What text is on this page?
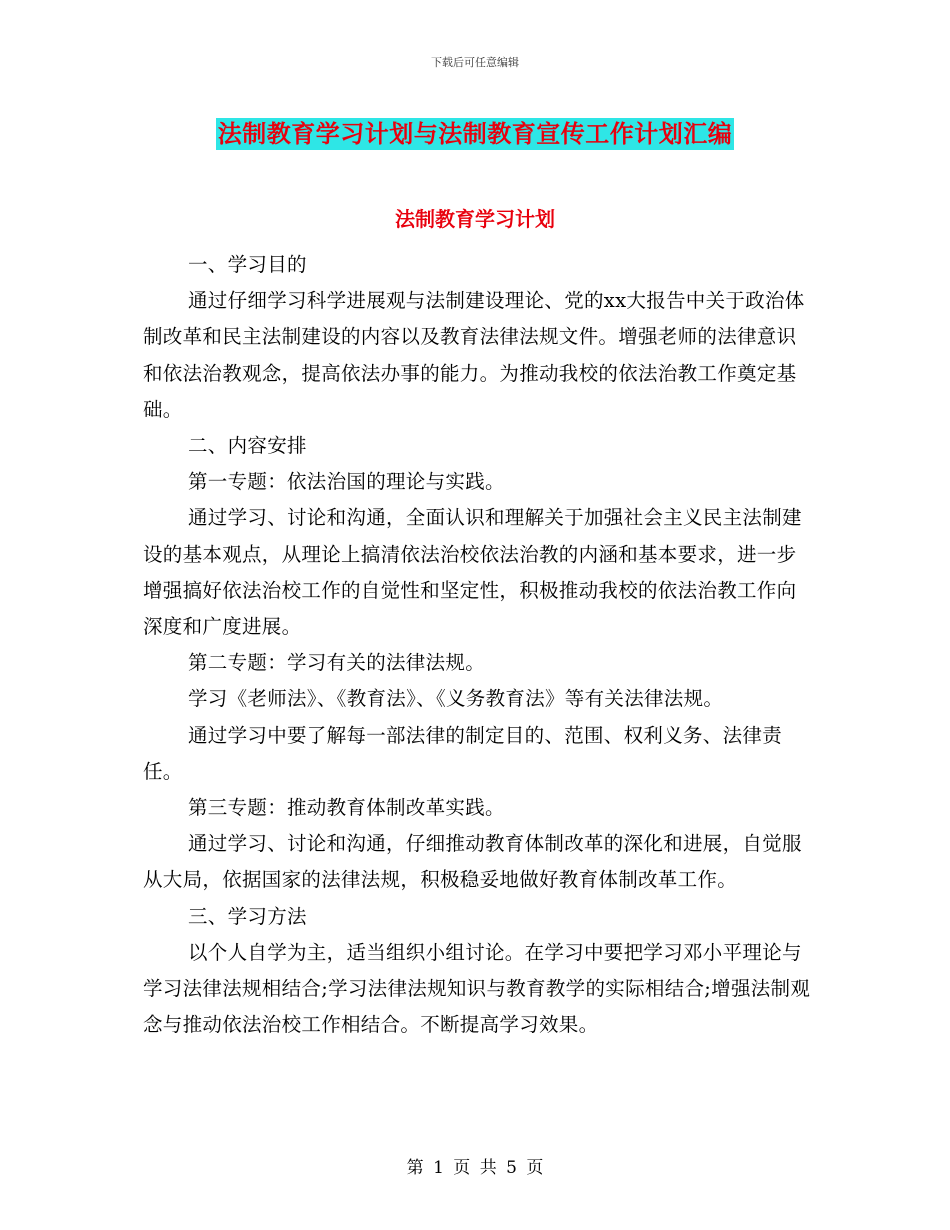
下载后可任意编辑
法制教育学习计划与法制教育宣传工作计划汇编
法制教育学习计划

一、学习目的

通过仔细学习科学进展观与法制建设理论、党的xx大报告中关于政治体制改革和民主法制建设的内容以及教育法律法规文件。增强老师的法律意识和依法治教观念，提高依法办事的能力。为推动我校的依法治教工作奠定基础。

二、内容安排

第一专题：依法治国的理论与实践。

通过学习、讨论和沟通，全面认识和理解关于加强社会主义民主法制建设的基本观点，从理论上搞清依法治校依法治教的内涵和基本要求，进一步增强搞好依法治校工作的自觉性和坚定性，积极推动我校的依法治教工作向深度和广度进展。

第二专题：学习有关的法律法规。

学习《老师法》、《教育法》、《义务教育法》等有关法律法规。

通过学习中要了解每一部法律的制定目的、范围、权利义务、法律责任。

第三专题：推动教育体制改革实践。

通过学习、讨论和沟通，仔细推动教育体制改革的深化和进展，自觉服从大局，依据国家的法律法规，积极稳妥地做好教育体制改革工作。

三、学习方法

以个人自学为主，适当组织小组讨论。在学习中要把学习邓小平理论与学习法律法规相结合;学习法律法规知识与教育教学的实际相结合;增强法制观念与推动依法治校工作相结合。不断提高学习效果。

第 1 页 共 5 页
